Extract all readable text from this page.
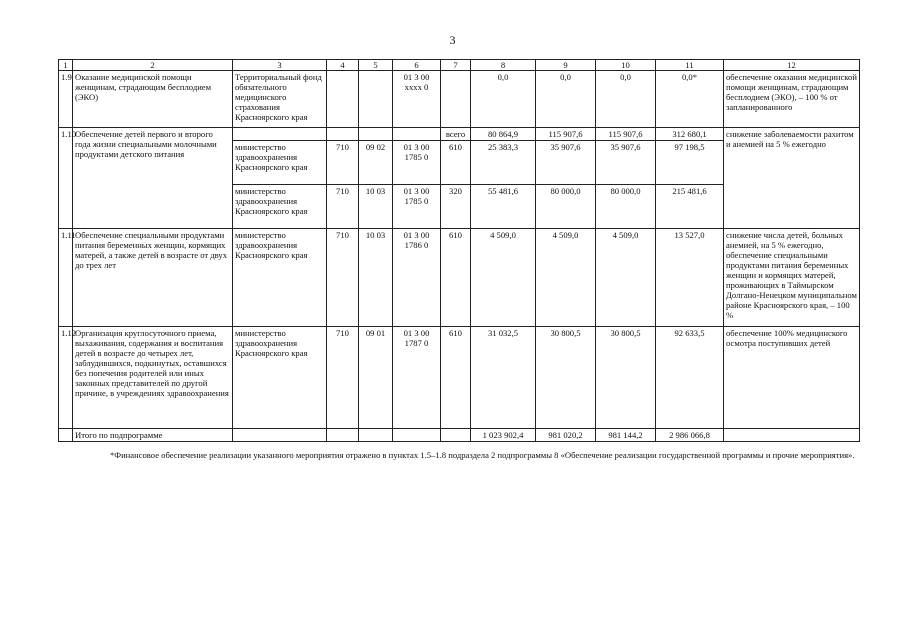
3
1	2	3	4	5	6	7	8	9	10	11	12
1.9	Оказание медицинской помощи женщинам, страдающим бесплодием (ЭКО)	Территориальный фонд обязательного медицинского страхования Красноярского края			01 3 00 хххх 0		0,0	0,0	0,0	0,0*	обеспечение оказания медицинской помощи женщинам, страдающим бесплодием (ЭКО), – 100 % от запланированного
1.10	Обеспечение детей первого и второго года жизни специальными молочными продуктами детского питания					всего	80 864,9	115 907,6	115 907,6	312 680,1	снижение заболеваемости рахитом и анемией на 5 % ежегодно
		министерство здравоохранения Красноярского края	710	09 02	01 3 00 1785 0	610	25 383,3	35 907,6	35 907,6	97 198,5	
		министерство здравоохранения Красноярского края	710	10 03	01 3 00 1785 0	320	55 481,6	80 000,0	80 000,0	215 481,6	
1.11	Обеспечение специальными продуктами питания беременных женщин, кормящих матерей, а также детей в возрасте от двух до трех лет	министерство здравоохранения Красноярского края	710	10 03	01 3 00 1786 0	610	4 509,0	4 509,0	4 509,0	13 527,0	снижение числа детей, больных анемией, на 5 % ежегодно, обеспечение специальными продуктами питания беременных женщин и кормящих матерей, проживающих в Таймырском Долгано-Ненецком муниципальном районе Красноярского края, – 100 %
1.12	Организация круглосуточного приема, выхаживания, содержания и воспитания детей в возрасте до четырех лет, заблудившихся, подкинутых, оставшихся без попечения родителей или иных законных представителей по другой причине, в учреждениях здравоохранения	министерство здравоохранения Красноярского края	710	09 01	01 3 00 1787 0	610	31 032,5	30 800,5	30 800,5	92 633,5	обеспечение 100% медицинского осмотра поступивших детей
	Итого по подпрограмме						1 023 902,4	981 020,2	981 144,2	2 986 066,8	
*Финансовое обеспечение реализации указанного мероприятия отражено в пунктах 1.5–1.8 подраздела 2 подпрограммы 8 «Обеспечение реализации государственной программы и прочие мероприятия».
